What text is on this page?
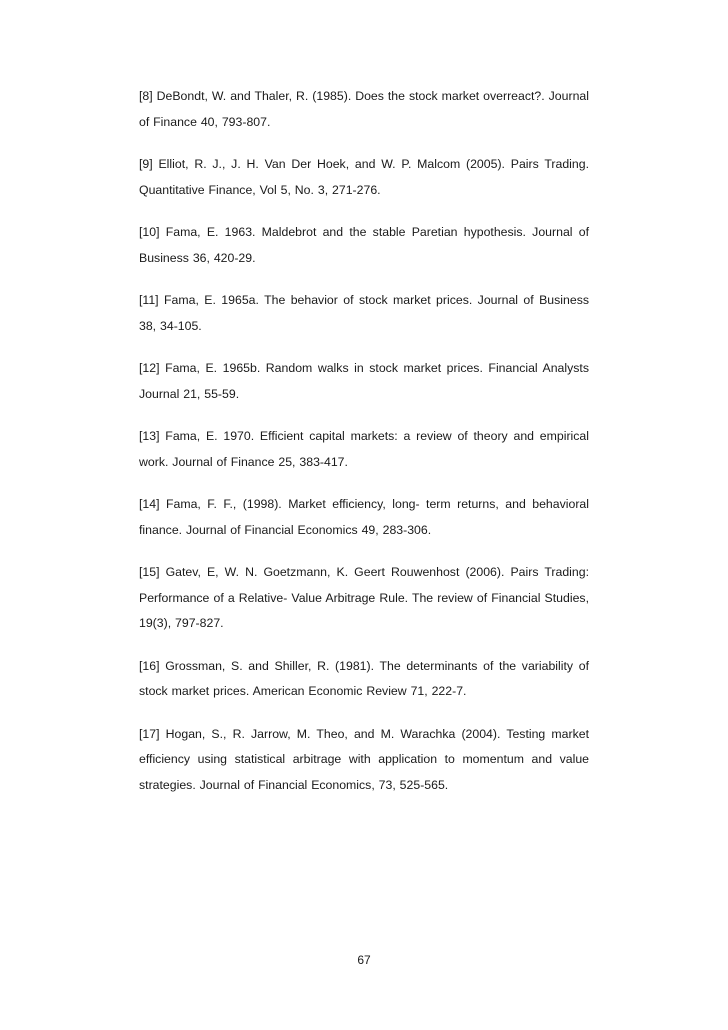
[8] DeBondt, W. and Thaler, R. (1985). Does the stock market overreact?. Journal of Finance 40, 793-807.
[9] Elliot, R. J., J. H. Van Der Hoek, and W. P. Malcom (2005). Pairs Trading. Quantitative Finance, Vol 5, No. 3, 271-276.
[10] Fama, E. 1963. Maldebrot and the stable Paretian hypothesis. Journal of Business 36, 420-29.
[11] Fama, E. 1965a. The behavior of stock market prices. Journal of Business 38, 34-105.
[12] Fama, E. 1965b. Random walks in stock market prices. Financial Analysts Journal 21, 55-59.
[13] Fama, E. 1970. Efficient capital markets: a review of theory and empirical work. Journal of Finance 25, 383-417.
[14] Fama, F. F., (1998). Market efficiency, long- term returns, and behavioral finance. Journal of Financial Economics 49, 283-306.
[15] Gatev, E, W. N. Goetzmann, K. Geert Rouwenhost (2006). Pairs Trading: Performance of a Relative- Value Arbitrage Rule. The review of Financial Studies, 19(3), 797-827.
[16] Grossman, S. and Shiller, R. (1981). The determinants of the variability of stock market prices. American Economic Review 71, 222-7.
[17] Hogan, S., R. Jarrow, M. Theo, and M. Warachka (2004). Testing market efficiency using statistical arbitrage with application to momentum and value strategies. Journal of Financial Economics, 73, 525-565.
67
